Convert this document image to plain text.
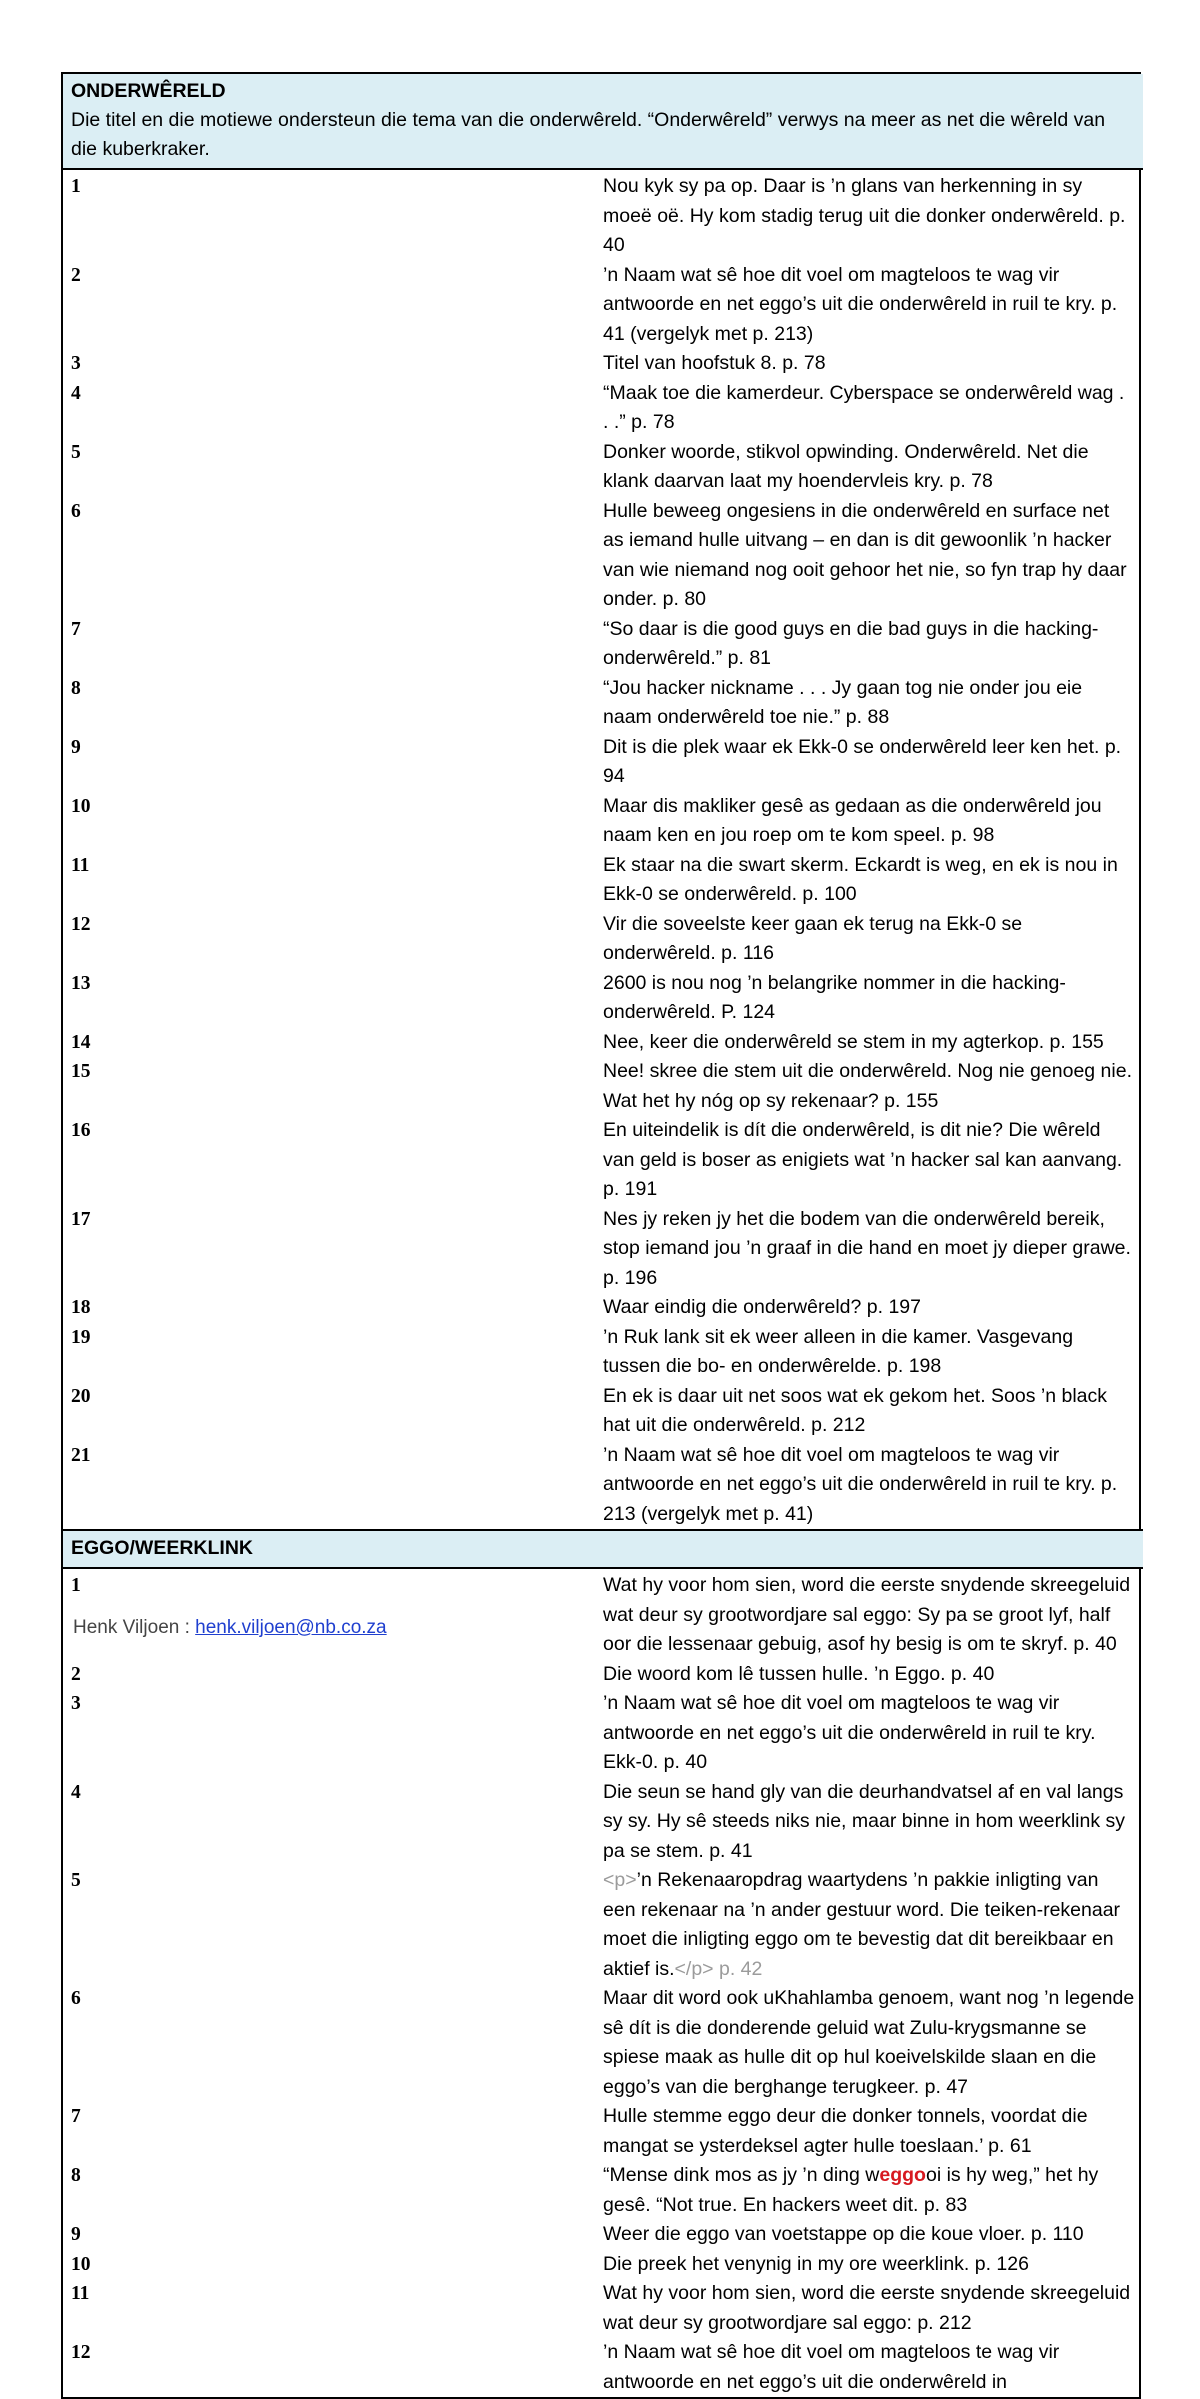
ONDERWÊRELD
Die titel en die motiewe ondersteun die tema van die onderwêreld. “Onderwêreld” verwys na meer as net die wêreld van die kuberkraker.	
1	Nou kyk sy pa op. Daar is ’n glans van herkenning in sy moeë oë. Hy kom stadig terug uit die donker onderwêreld. p. 40
2	’n Naam wat sê hoe dit voel om magteloos te wag vir antwoorde en net eggo’s uit die onderwêreld in ruil te kry. p. 41 (vergelyk met p. 213)
3	Titel van hoofstuk 8. p. 78
4	“Maak toe die kamerdeur. Cyberspace se onderwêreld wag . . .” p. 78
5	Donker woorde, stikvol opwinding. Onderwêreld. Net die klank daarvan laat my hoendervleis kry. p. 78
6	Hulle beweeg ongesiens in die onderwêreld en surface net as iemand hulle uitvang – en dan is dit gewoonlik ’n hacker van wie niemand nog ooit gehoor het nie, so fyn trap hy daar onder. p. 80
7	“So daar is die good guys en die bad guys in die hacking-onderwêreld.” p. 81
8	“Jou hacker nickname . . . Jy gaan tog nie onder jou eie naam onderwêreld toe nie.” p. 88
9	Dit is die plek waar ek Ekk-0 se onderwêreld leer ken het. p. 94
10	Maar dis makliker gesê as gedaan as die onderwêreld jou naam ken en jou roep om te kom speel. p. 98
11	Ek staar na die swart skerm. Eckardt is weg, en ek is nou in Ekk-0 se onderwêreld. p. 100
12	Vir die soveelste keer gaan ek terug na Ekk-0 se onderwêreld. p. 116
13	2600 is nou nog ’n belangrike nommer in die hacking-onderwêreld. P. 124
14	Nee, keer die onderwêreld se stem in my agterkop. p. 155
15	Nee! skree die stem uit die onderwêreld. Nog nie genoeg nie. Wat het hy nóg op sy rekenaar? p. 155
16	En uiteindelik is dít die onderwêreld, is dit nie? Die wêreld van geld is boser as enigiets wat ’n hacker sal kan aanvang. p. 191
17	Nes jy reken jy het die bodem van die onderwêreld bereik, stop iemand jou ’n graaf in die hand en moet jy dieper grawe. p. 196
18	Waar eindig die onderwêreld? p. 197
19	’n Ruk lank sit ek weer alleen in die kamer. Vasgevang tussen die bo- en onderwêrelde. p. 198
20	En ek is daar uit net soos wat ek gekom het. Soos ’n black hat uit die onderwêreld. p. 212
21	’n Naam wat sê hoe dit voel om magteloos te wag vir antwoorde en net eggo’s uit die onderwêreld in ruil te kry. p. 213 (vergelyk met p. 41)

EGGO/WEERKLINK	

1	Wat hy voor hom sien, word die eerste snydende skreegeluid wat deur sy grootwordjare sal eggo: Sy pa se groot lyf, half oor die lessenaar gebuig, asof hy besig is om te skryf. p. 40
2	Die woord kom lê tussen hulle. ’n Eggo. p. 40
3	’n Naam wat sê hoe dit voel om magteloos te wag vir antwoorde en net eggo’s uit die onderwêreld in ruil te kry. Ekk-0. p. 40
4	Die seun se hand gly van die deurhandvatsel af en val langs sy sy. Hy sê steeds niks nie, maar binne in hom weerklink sy pa se stem. p. 41
5	<p>’n Rekenaaropdrag waartydens ’n pakkie inligting van een rekenaar na ’n ander gestuur word. Die teiken-rekenaar moet die inligting eggo om te bevestig dat dit bereikbaar en aktief is.</p> p. 42
6	Maar dit word ook uKhahlamba genoem, want nog ’n legende sê dít is die donderende geluid wat Zulu-krygsmanne se spiese maak as hulle dit op hul koeivelskilde slaan en die eggo’s van die berghange terugkeer. p. 47
7	Hulle stemme eggo deur die donker tonnels, voordat die mangat se ysterdeksel agter hulle toeslaan.’ p. 61
8	“Mense dink mos as jy ’n ding weggooi is hy weg,” het hy gesê. “Not true. En hackers weet dit. p. 83
9	Weer die eggo van voetstappe op die koue vloer. p. 110
10	Die preek het venynig in my ore weerklink. p. 126
11	Wat hy voor hom sien, word die eerste snydende skreegeluid wat deur sy grootwordjare sal eggo: p. 212
12	’n Naam wat sê hoe dit voel om magteloos te wag vir antwoorde en net eggo’s uit die onderwêreld in
Henk Viljoen : henk.viljoen@nb.co.za
